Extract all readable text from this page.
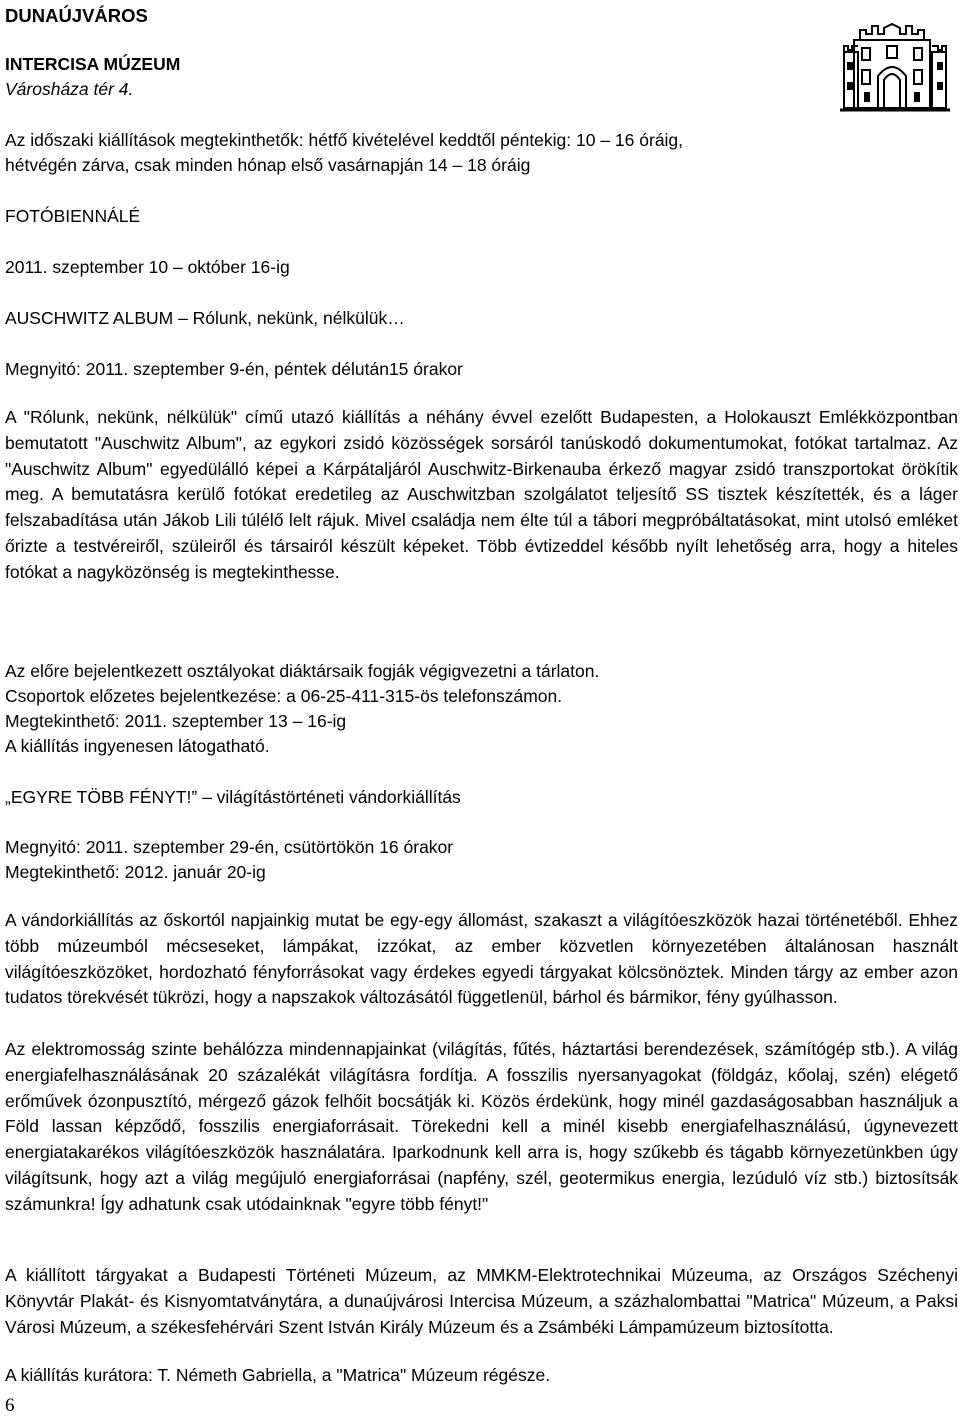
DUNAÚJVÁROS
INTERCISA MÚZEUM
Városháza tér 4.
Az időszaki kiállítások megtekinthetők: hétfő kivételével keddtől péntekig: 10 – 16 óráig,
hétvégén zárva, csak minden hónap első vasárnapján 14 – 18 óráig
FOTÓBIENNÁLÉ
2011. szeptember 10 – október 16-ig
AUSCHWITZ ALBUM – Rólunk, nekünk, nélkülük…
Megnyitó: 2011. szeptember 9-én, péntek délután15 órakor
A "Rólunk, nekünk, nélkülük" című utazó kiállítás a néhány évvel ezelőtt Budapesten, a Holokauszt Emlékközpontban bemutatott "Auschwitz Album", az egykori zsidó közösségek sorsáról tanúskodó dokumentumokat, fotókat tartalmaz. Az "Auschwitz Album" egyedülálló képei a Kárpátaljáról Auschwitz-Birkenauba érkező magyar zsidó transzportokat örökítik meg. A bemutatásra kerülő fotókat eredetileg az Auschwitzban szolgálatot teljesítő SS tisztek készítették, és a láger felszabadítása után Jákob Lili túlélő lelt rájuk. Mivel családja nem élte túl a tábori megpróbáltatásokat, mint utolsó emléket őrizte a testvéreiről, szüleiről és társairól készült képeket. Több évtizeddel később nyílt lehetőség arra, hogy a hiteles fotókat a nagyközönség is megtekinthesse.
Az előre bejelentkezett osztályokat diáktársaik fogják végigvezetni a tárlaton.
Csoportok előzetes bejelentkezése: a 06-25-411-315-ös telefonszámon.
Megtekinthető: 2011. szeptember 13 – 16-ig
A kiállítás ingyenesen látogatható.
„EGYRE TÖBB FÉNYT!” – világítástörténeti vándorkiállítás
Megnyitó: 2011. szeptember 29-én, csütörtökön 16 órakor
Megtekinthető: 2012. január 20-ig
A vándorkiállítás az őskortól napjainkig mutat be egy-egy állomást, szakaszt a világítóeszközök hazai történetéből. Ehhez több múzeumból mécseseket, lámpákat, izzókat, az ember közvetlen környezetében általánosan használt világítóeszközöket, hordozható fényforrásokat vagy érdekes egyedi tárgyakat kölcsönöztek. Minden tárgy az ember azon tudatos törekvését tükrözi, hogy a napszakok változásától függetlenül, bárhol és bármikor, fény gyúlhasson.
Az elektromosság szinte behálózza mindennapjainkat (világítás, fűtés, háztartási berendezések, számítógép stb.). A világ energiafelhasználásának 20 százalékát világításra fordítja. A fosszilis nyersanyagokat (földgáz, kőolaj, szén) elégető erőművek ózonpusztító, mérgező gázok felhőit bocsátják ki. Közös érdekünk, hogy minél gazdaságosabban használjuk a Föld lassan képződő, fosszilis energiaforrásait. Törekedni kell a minél kisebb energiafelhasználású, úgynevezett energiatakarékos világítóeszközök használatára. Iparkodnunk kell arra is, hogy szűkebb és tágabb környezetünkben úgy világítsunk, hogy azt a világ megújuló energiaforrásai (napfény, szél, geotermikus energia, lezúduló víz stb.) biztosítsák számunkra! Így adhatunk csak utódainknak "egyre több fényt!"
A kiállított tárgyakat a Budapesti Történeti Múzeum, az MMKM-Elektrotechnikai Múzeuma, az Országos Széchenyi Könyvtár Plakát- és Kisnyomtatványtára, a dunaújvárosi Intercisa Múzeum, a százhalombattai "Matrica" Múzeum, a Paksi Városi Múzeum, a székesfehérvári Szent István Király Múzeum és a Zsámbéki Lámpamúzeum biztosította.
A kiállítás kurátora: T. Németh Gabriella, a "Matrica" Múzeum régésze.
6
